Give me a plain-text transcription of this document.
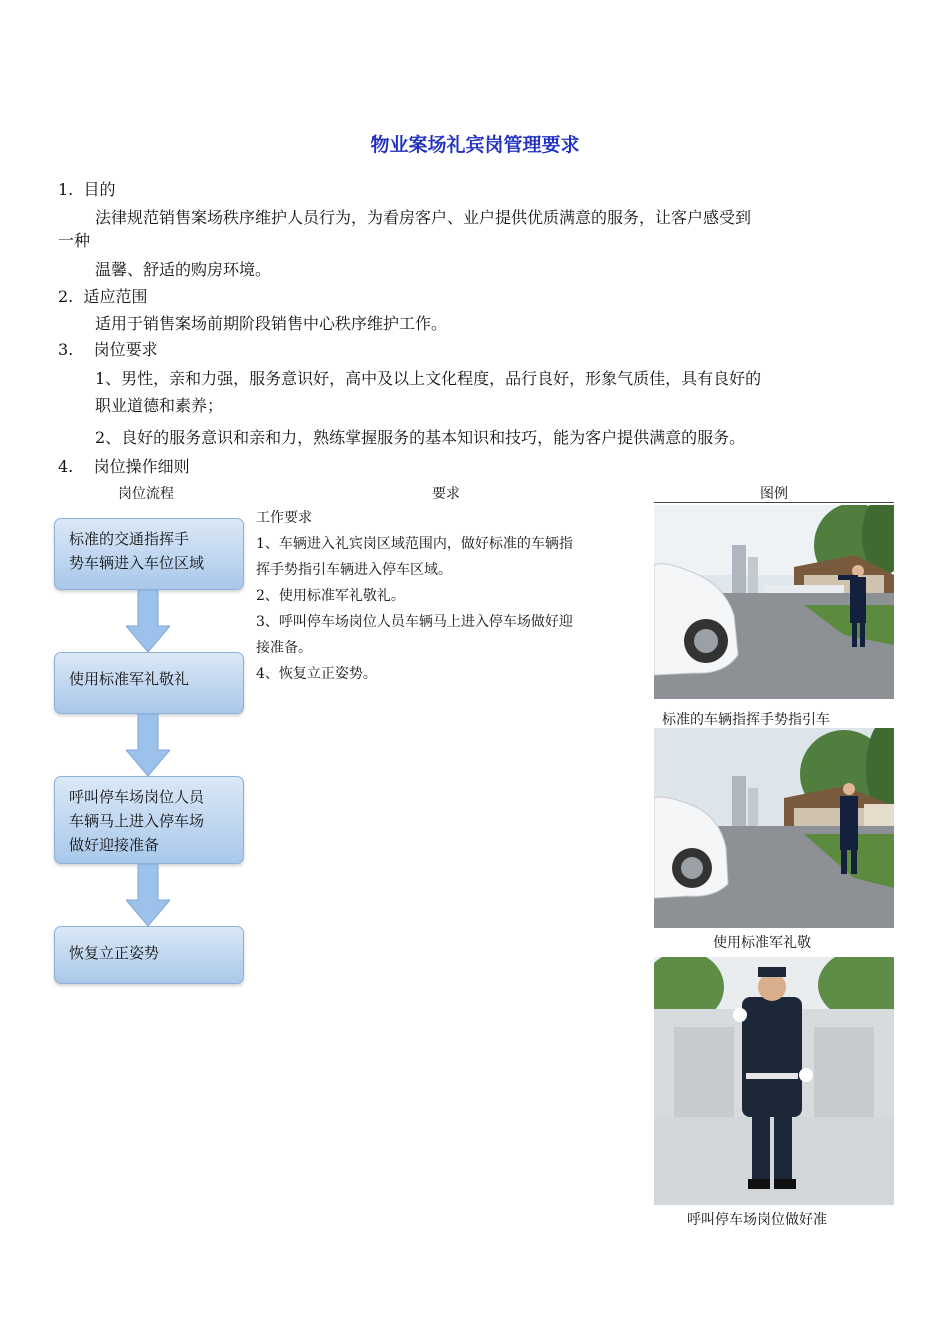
物业案场礼宾岗管理要求
1. 目的
法律规范销售案场秩序维护人员行为，为看房客户、业户提供优质满意的服务，让客户感受到
一种
温馨、舒适的购房环境。
2. 适应范围
适用于销售案场前期阶段销售中心秩序维护工作。
3. 岗位要求
1、男性，亲和力强，服务意识好，高中及以上文化程度，品行良好，形象气质佳，具有良好的
职业道德和素养；
2、良好的服务意识和亲和力，熟练掌握服务的基本知识和技巧，能为客户提供满意的服务。
4. 岗位操作细则
岗位流程	要求	图例
标准的交通指挥手
势车辆进入车位区域
使用标准军礼敬礼
呼叫停车场岗位人员
车辆马上进入停车场
做好迎接准备
恢复立正姿势
工作要求
1、车辆进入礼宾岗区域范围内，做好标准的车辆指
挥手势指引车辆进入停车区域。
2、使用标准军礼敬礼。
3、呼叫停车场岗位人员车辆马上进入停车场做好迎
接准备。
4、恢复立正姿势。
标准的车辆指挥手势指引车
使用标准军礼敬
呼叫停车场岗位做好准
